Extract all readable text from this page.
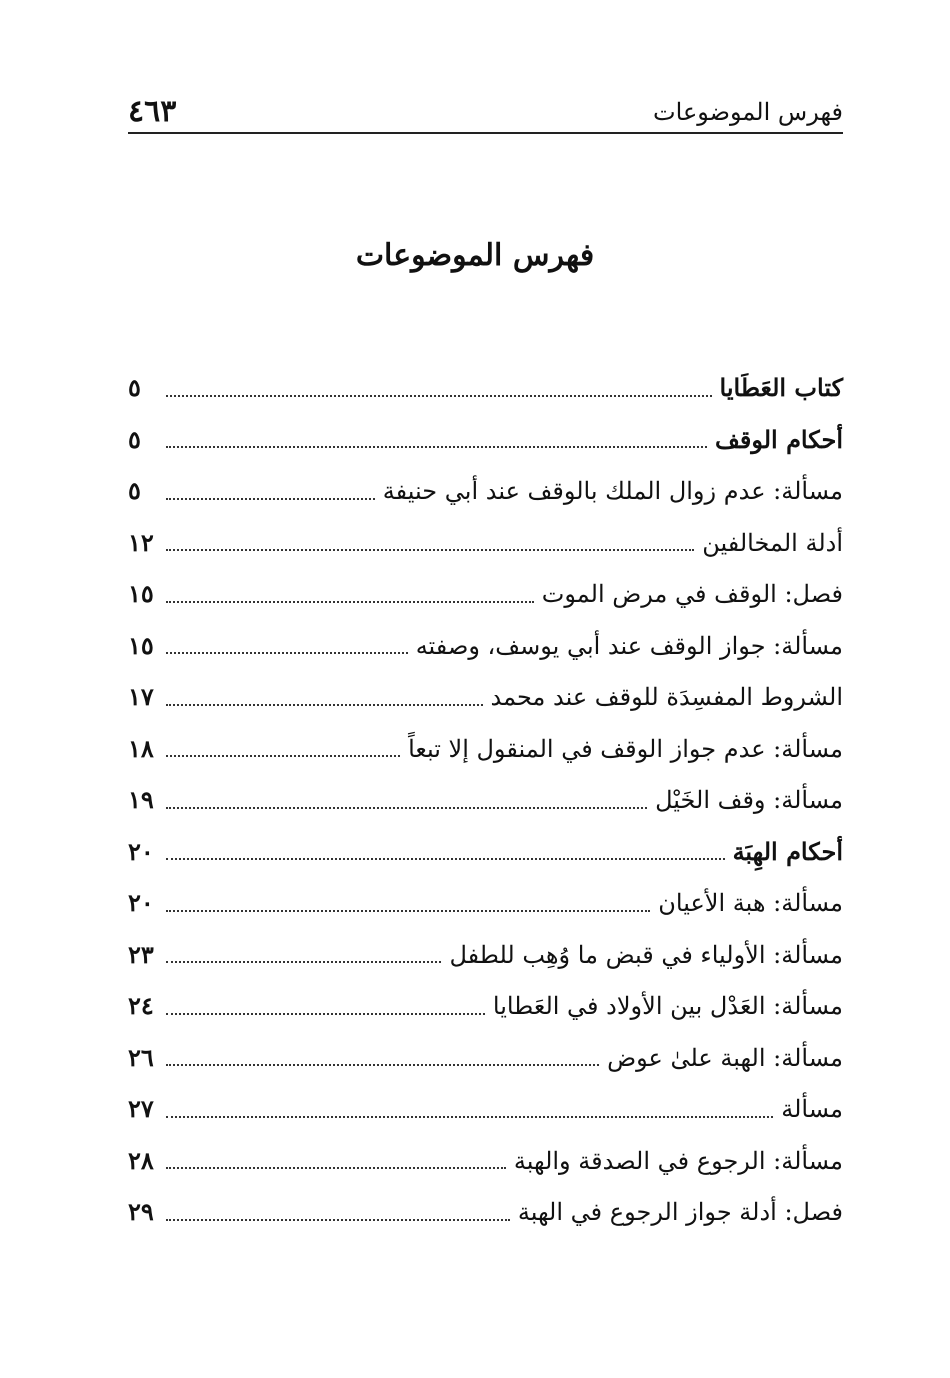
فهرس الموضوعات
٤٦٣
فهرس الموضوعات
كتاب العَطَايا
٥
أحكام الوقف
٥
مسألة: عدم زوال الملك بالوقف عند أبي حنيفة
٥
أدلة المخالفين
١٢
فصل: الوقف في مرض الموت
١٥
مسألة: جواز الوقف عند أبي يوسف، وصفته
١٥
الشروط المفسِدَة للوقف عند محمد
١٧
مسألة: عدم جواز الوقف في المنقول إلا تبعاً
١٨
مسألة: وقف الخَيْل
١٩
أحكام الهِبَة
٢٠
مسألة: هبة الأعيان
٢٠
مسألة: الأولياء في قبض ما وُهِب للطفل
٢٣
مسألة: العَدْل بين الأولاد في العَطايا
٢٤
مسألة: الهبة علىٰ عوض
٢٦
مسألة
٢٧
مسألة: الرجوع في الصدقة والهبة
٢٨
فصل: أدلة جواز الرجوع في الهبة
٢٩
